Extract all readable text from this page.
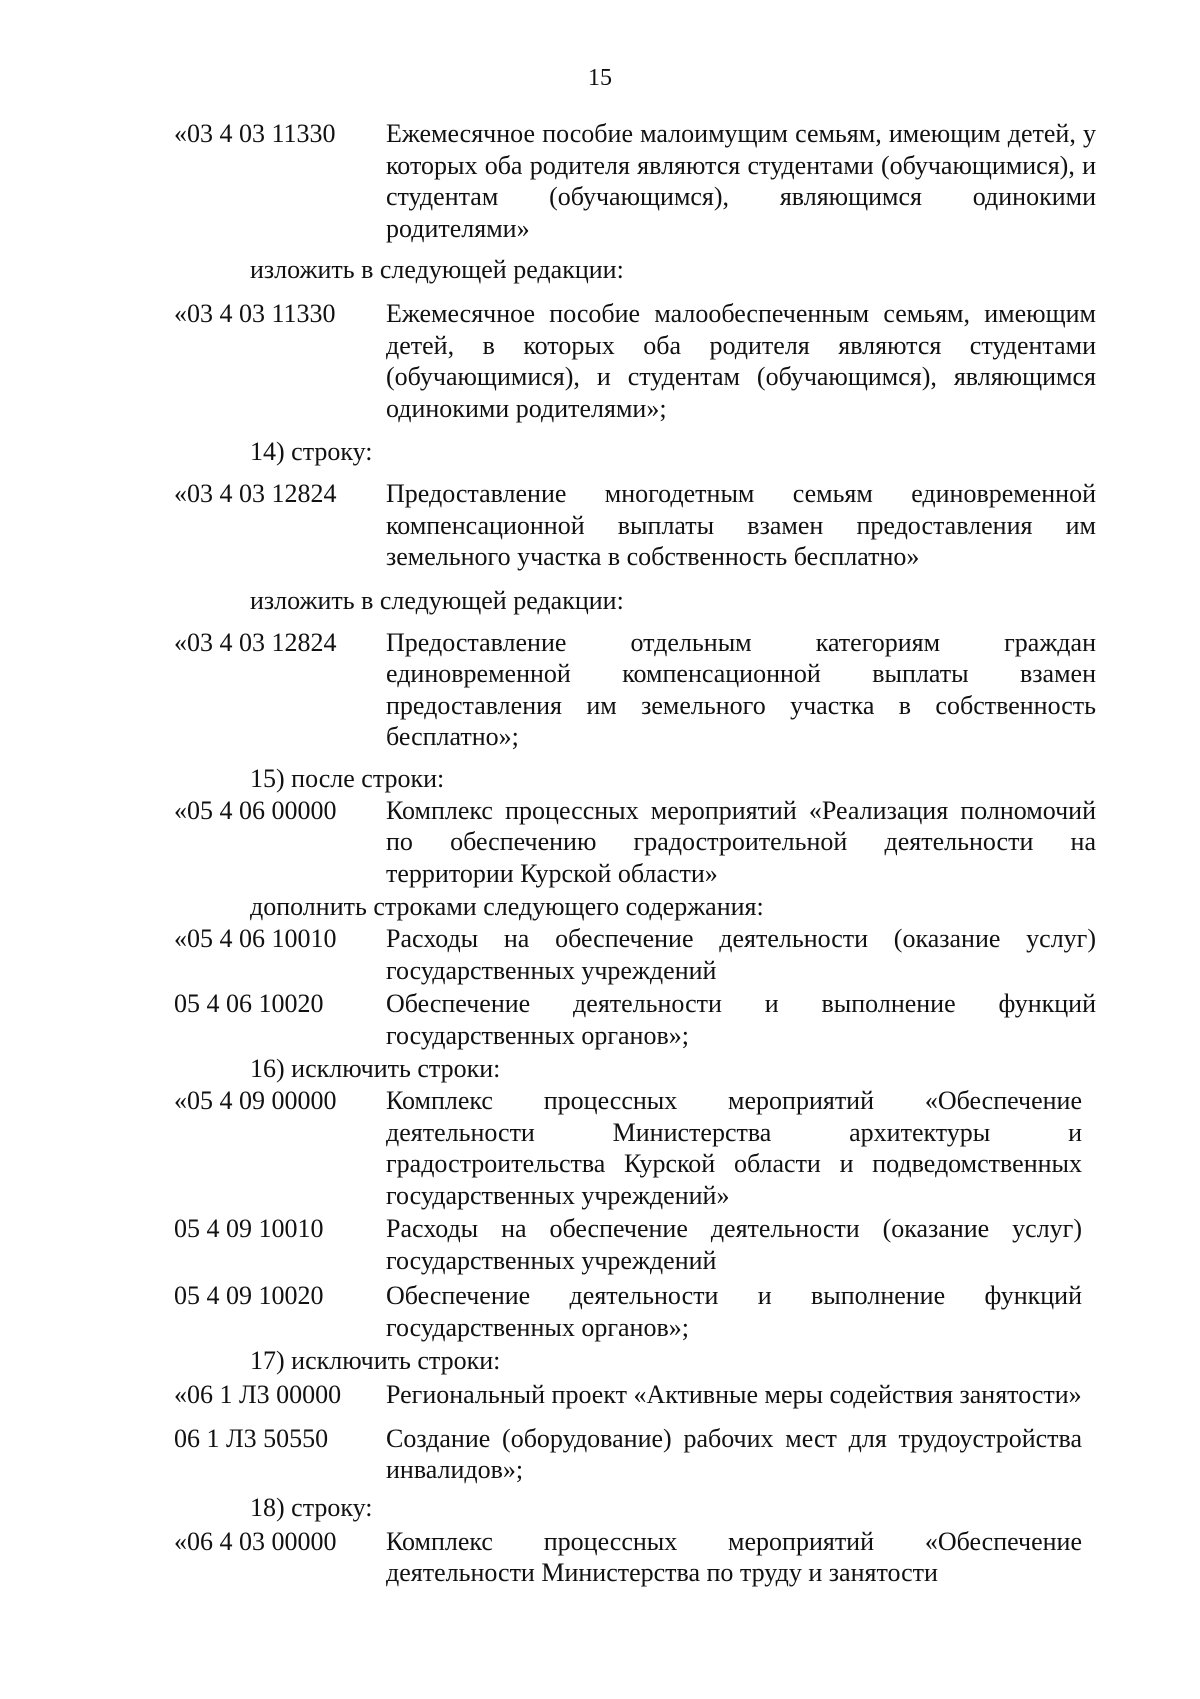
15
«03 4 03 11330 Ежемесячное пособие малоимущим семьям, имеющим детей, у которых оба родителя являются студентами (обучающимися), и студентам (обучающимся), являющимся одинокими родителями»

изложить в следующей редакции:

«03 4 03 11330 Ежемесячное пособие малообеспеченным семьям, имеющим детей, в которых оба родителя являются студентами (обучающимися), и студентам (обучающимся), являющимся одинокими родителями»;

14) строку:

«03 4 03 12824 Предоставление многодетным семьям единовременной компенсационной выплаты взамен предоставления им земельного участка в собственность бесплатно»

изложить в следующей редакции:

«03 4 03 12824 Предоставление отдельным категориям граждан единовременной компенсационной выплаты взамен предоставления им земельного участка в собственность бесплатно»;

15) после строки:

«05 4 06 00000 Комплекс процессных мероприятий «Реализация полномочий по обеспечению градостроительной деятельности на территории Курской области»

дополнить строками следующего содержания:

«05 4 06 10010 Расходы на обеспечение деятельности (оказание услуг) государственных учреждений
05 4 06 10020 Обеспечение деятельности и выполнение функций государственных органов»;

16) исключить строки:

«05 4 09 00000 Комплекс процессных мероприятий «Обеспечение деятельности Министерства архитектуры и градостроительства Курской области и подведомственных государственных учреждений»
05 4 09 10010 Расходы на обеспечение деятельности (оказание услуг) государственных учреждений
05 4 09 10020 Обеспечение деятельности и выполнение функций государственных органов»;

17) исключить строки:

«06 1 Л3 00000 Региональный проект «Активные меры содействия занятости»
06 1 Л3 50550 Создание (оборудование) рабочих мест для трудоустройства инвалидов»;

18) строку:

«06 4 03 00000 Комплекс процессных мероприятий «Обеспечение деятельности Министерства по труду и занятости
